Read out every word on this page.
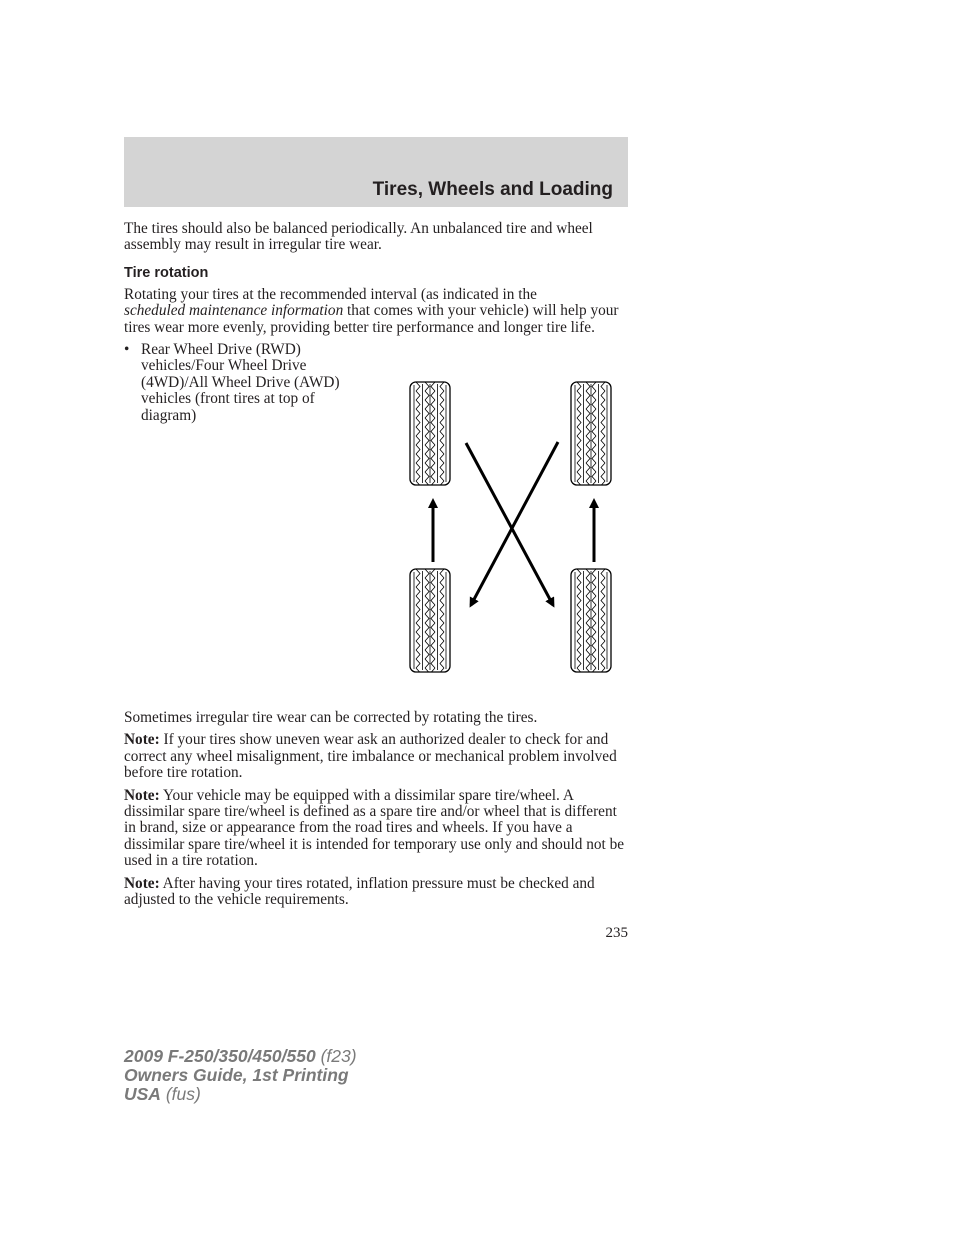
Tires, Wheels and Loading

The tires should also be balanced periodically. An unbalanced tire and wheel assembly may result in irregular tire wear.

Tire rotation

Rotating your tires at the recommended interval (as indicated in the
scheduled maintenance information that comes with your vehicle) will help your tires wear more evenly, providing better tire performance and longer tire life.

• Rear Wheel Drive (RWD) vehicles/Four Wheel Drive (4WD)/All Wheel Drive (AWD) vehicles (front tires at top of diagram)

Sometimes irregular tire wear can be corrected by rotating the tires.

Note: If your tires show uneven wear ask an authorized dealer to check for and correct any wheel misalignment, tire imbalance or mechanical problem involved before tire rotation.

Note: Your vehicle may be equipped with a dissimilar spare tire/wheel. A dissimilar spare tire/wheel is defined as a spare tire and/or wheel that is different in brand, size or appearance from the road tires and wheels. If you have a dissimilar spare tire/wheel it is intended for temporary use only and should not be used in a tire rotation.

Note: After having your tires rotated, inflation pressure must be checked and adjusted to the vehicle requirements.

235
2009 F-250/350/450/550 (f23)
Owners Guide, 1st Printing
USA (fus)
